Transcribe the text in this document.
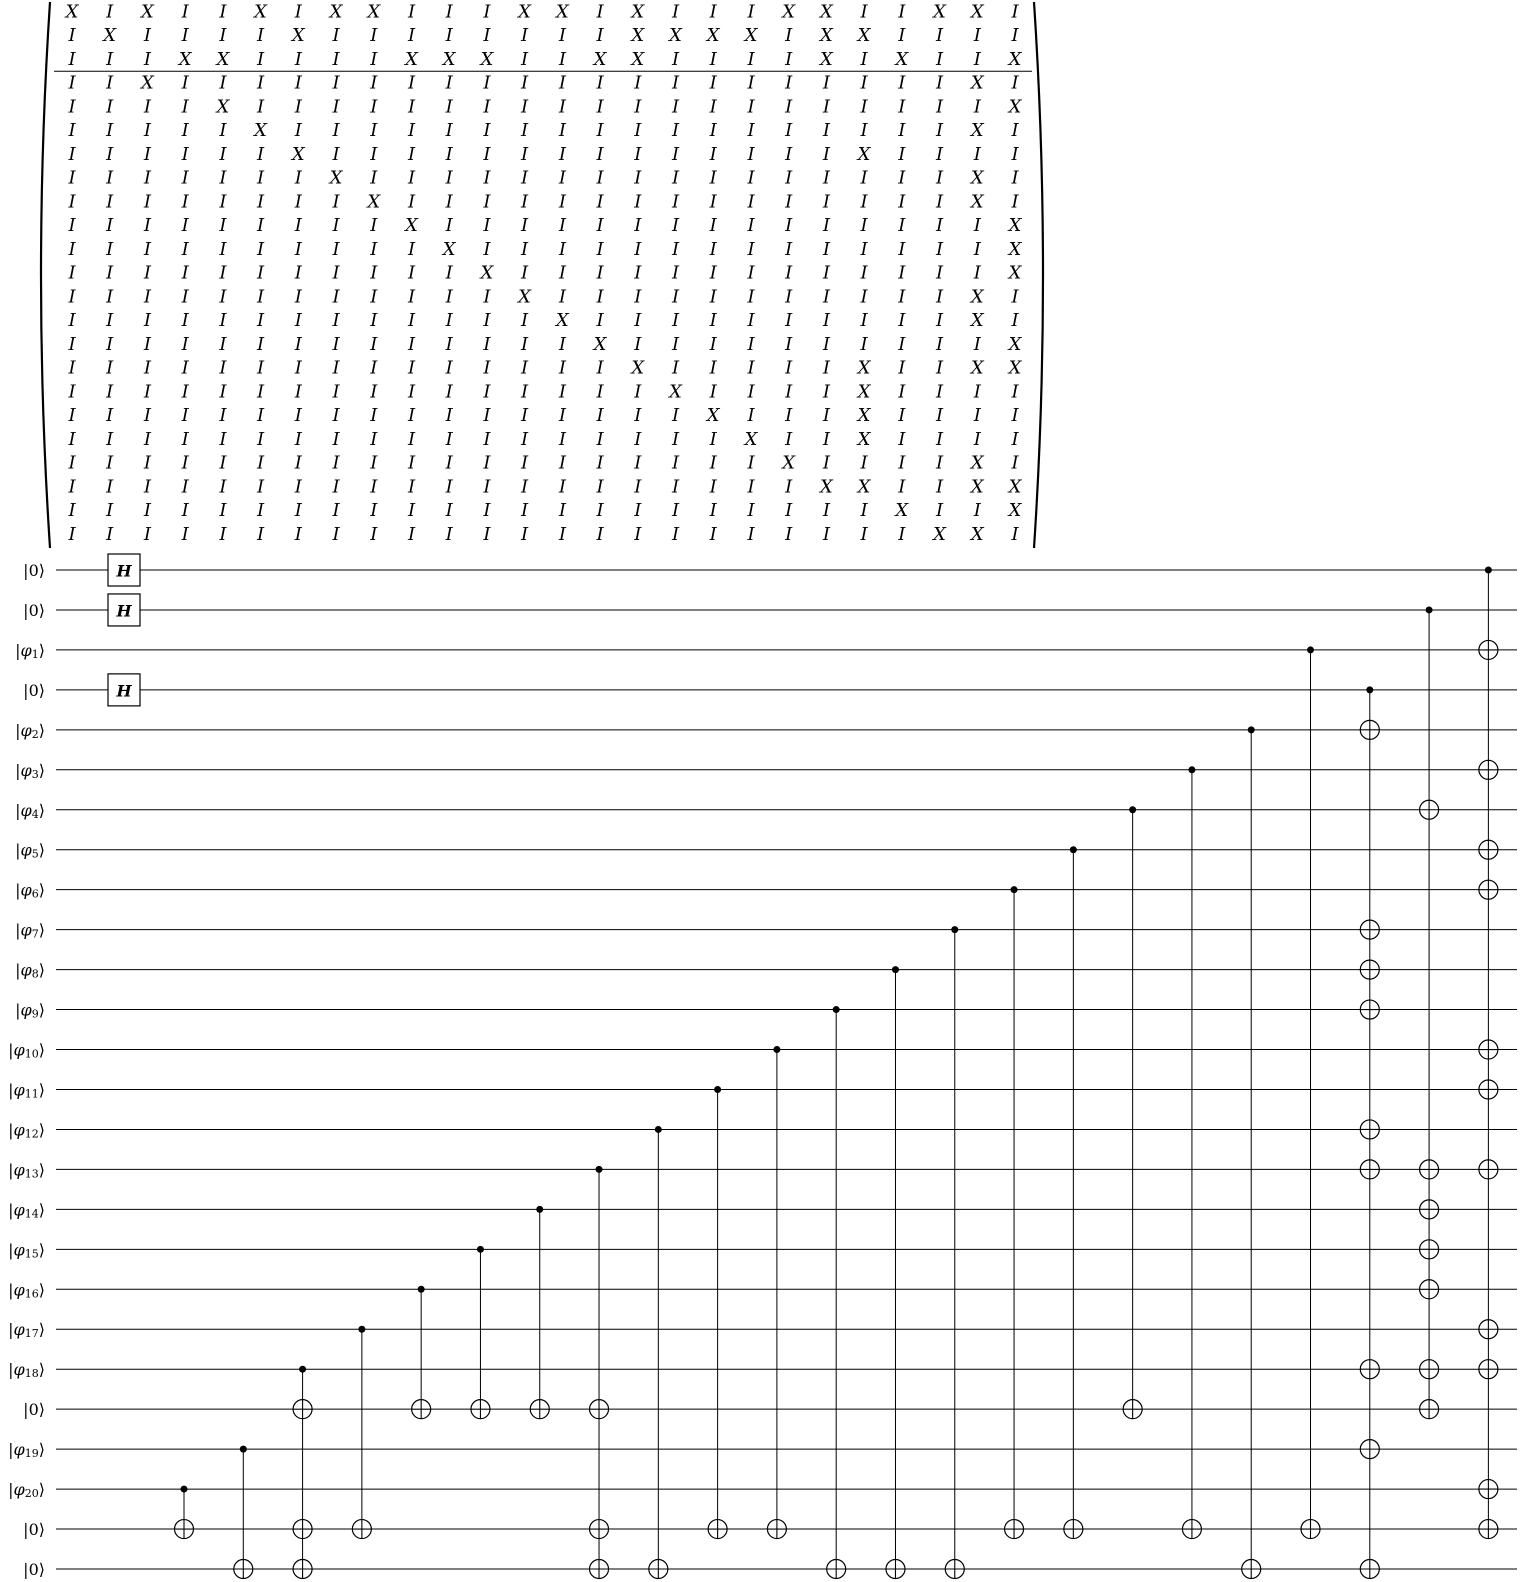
X I X I I X I X X I I I X X I X I I I X X I I X X I
I X I I I I X I I I I I I I I X X X X I X X I I I I
I I I X X I I I I X X X I I X X I I I I X I X I I X
I I X I I I I I I I I I I I I I I I I I I I I I X I
I I I I X I I I I I I I I I I I I I I I I I I I I X
I I I I I X I I I I I I I I I I I I I I I I I I X I
I I I I I I X I I I I I I I I I I I I I I X I I I I
I I I I I I I X I I I I I I I I I I I I I I I I X I
I I I I I I I I X I I I I I I I I I I I I I I I X I
I I I I I I I I I X I I I I I I I I I I I I I I I X
I I I I I I I I I I X I I I I I I I I I I I I I I X
I I I I I I I I I I I X I I I I I I I I I I I I I X
I I I I I I I I I I I I X I I I I I I I I I I I X I
I I I I I I I I I I I I I X I I I I I I I I I I X I
I I I I I I I I I I I I I I X I I I I I I I I I I X
I I I I I I I I I I I I I I I X I I I I I X I I X X
I I I I I I I I I I I I I I I I X I I I I X I I I I
I I I I I I I I I I I I I I I I I X I I I X I I I I
I I I I I I I I I I I I I I I I I I X I I X I I I I
I I I I I I I I I I I I I I I I I I I X I I I I X I
I I I I I I I I I I I I I I I I I I I I X X I I X X
I I I I I I I I I I I I I I I I I I I I I I X I I X
I I I I I I I I I I I I I I I I I I I I I I I X X I
|0⟩
|0⟩
$|\varphi_1⟩$
|0⟩
$|\varphi_2⟩$
$|\varphi_3⟩$
$|\varphi_4⟩$
$|\varphi_5⟩$
$|\varphi_6⟩$
$|\varphi_7⟩$
$|\varphi_8⟩$
$|\varphi_9⟩$
$|\varphi_{10}⟩$
$|\varphi_{11}⟩$
$|\varphi_{12}⟩$
$|\varphi_{13}⟩$
$|\varphi_{14}⟩$
$|\varphi_{15}⟩$
$|\varphi_{16}⟩$
$|\varphi_{17}⟩$
$|\varphi_{18}⟩$
|0⟩
$|\varphi_{19}⟩$
$|\varphi_{20}⟩$
|0⟩
|0⟩
H
H
H
